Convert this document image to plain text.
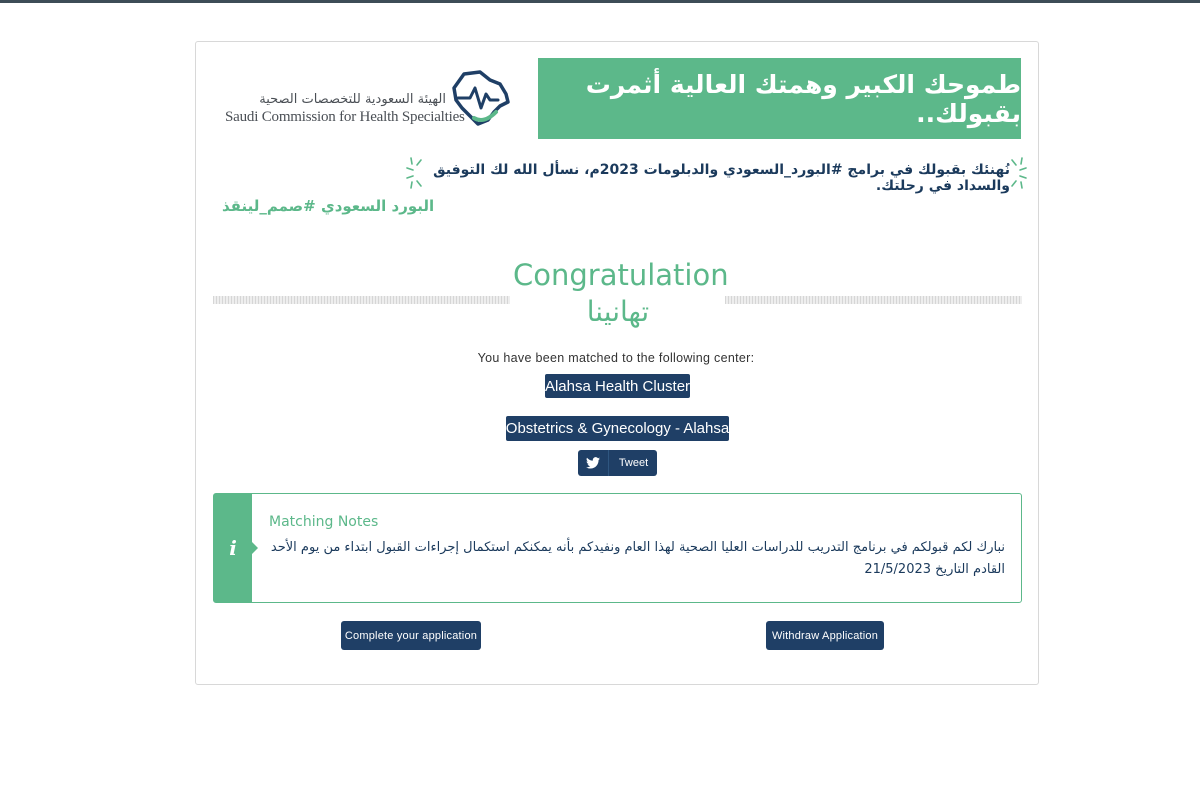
الهيئة السعودية للتخصصات الصحية
Saudi Commission for Health Specialties
طموحك الكبير وهمتك العالية أثمرت بقبولك..
نُهنئك بقبولك في برامج #البورد_السعودي والدبلومات 2023م، نسأل الله لك التوفيق والسداد في رحلتك.
البورد السعودي #صمم_لينقذ
Congratulation
تهانينا
You have been matched to the following center:
Alahsa Health Cluster
Obstetrics & Gynecology - Alahsa
Tweet
i
Matching Notes
نبارك لكم قبولكم في برنامج التدريب للدراسات العليا الصحية لهذا العام ونفيدكم بأنه يمكنكم استكمال إجراءات القبول ابتداء من يوم الأحد القادم التاريخ 21/5/2023
Complete your application	Withdraw Application
